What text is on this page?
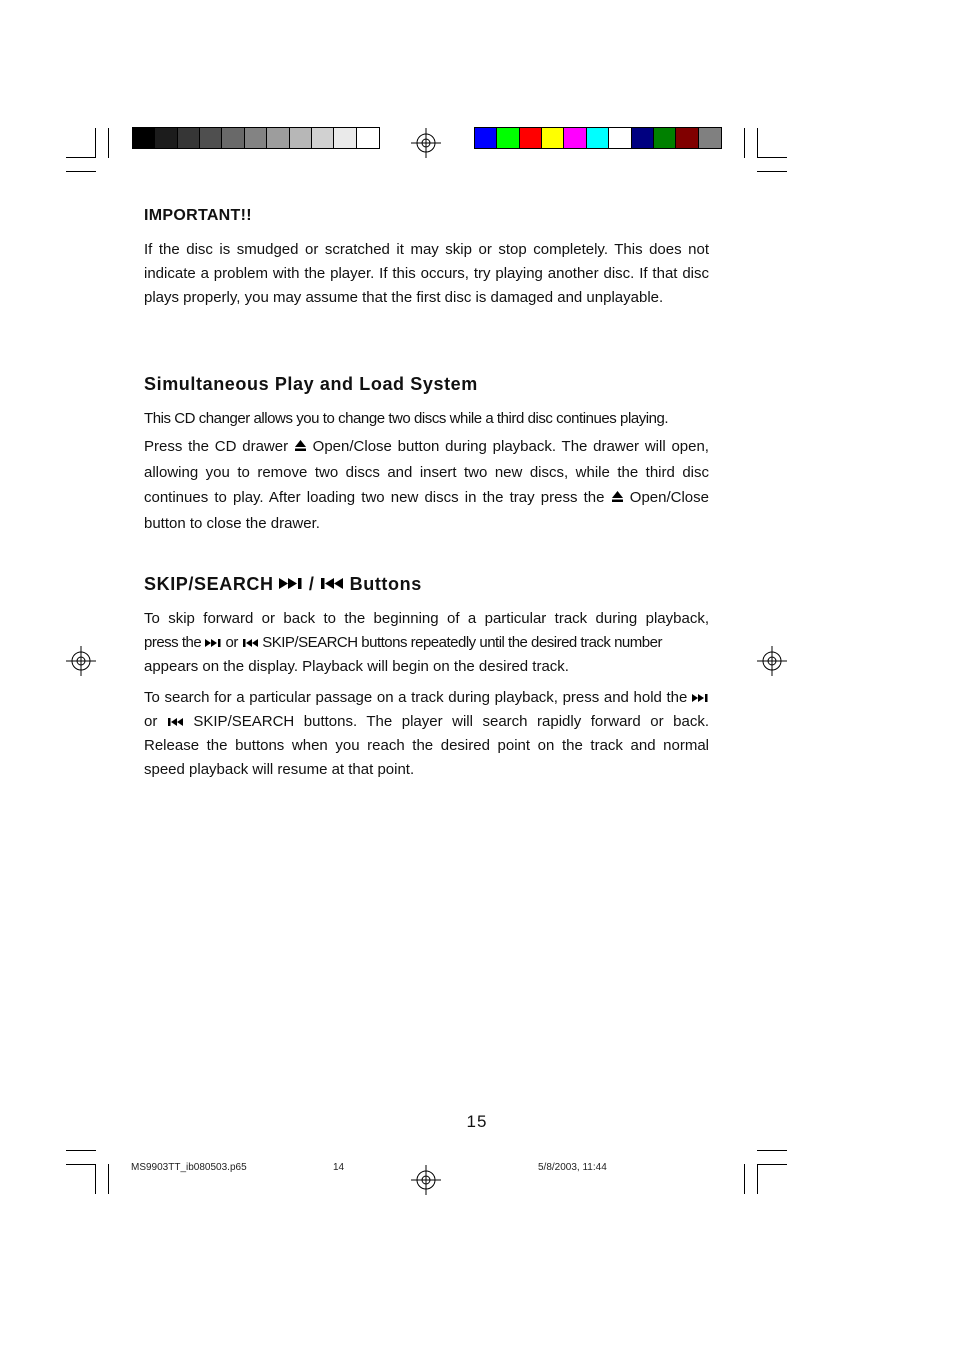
IMPORTANT!!

If the disc is smudged or scratched it may skip or stop completely. This does not indicate a problem with the player. If this occurs, try playing another disc. If that disc plays properly, you may assume that the first disc is damaged and unplayable.

Simultaneous Play and Load System

This CD changer allows you to change two discs while a third disc continues playing.

Press the CD drawer  Open/Close button during playback. The drawer will open, allowing you to remove two discs and insert two new discs, while the third disc continues to play. After loading two new discs in the tray press the  Open/Close button to close the drawer.

SKIP/SEARCH  /  Buttons

To skip forward or back to the beginning of a particular track during playback, press the  or  SKIP/SEARCH buttons repeatedly until the desired track number
appears on the display. Playback will begin on the desired track.

To search for a particular passage on a track during playback, press and hold the  or  SKIP/SEARCH buttons. The player will search rapidly forward or back. Release the buttons when you reach the desired point on the track and normal speed playback will resume at that point.

15
MS9903TT_ib080503.p65	14	5/8/2003, 11:44
